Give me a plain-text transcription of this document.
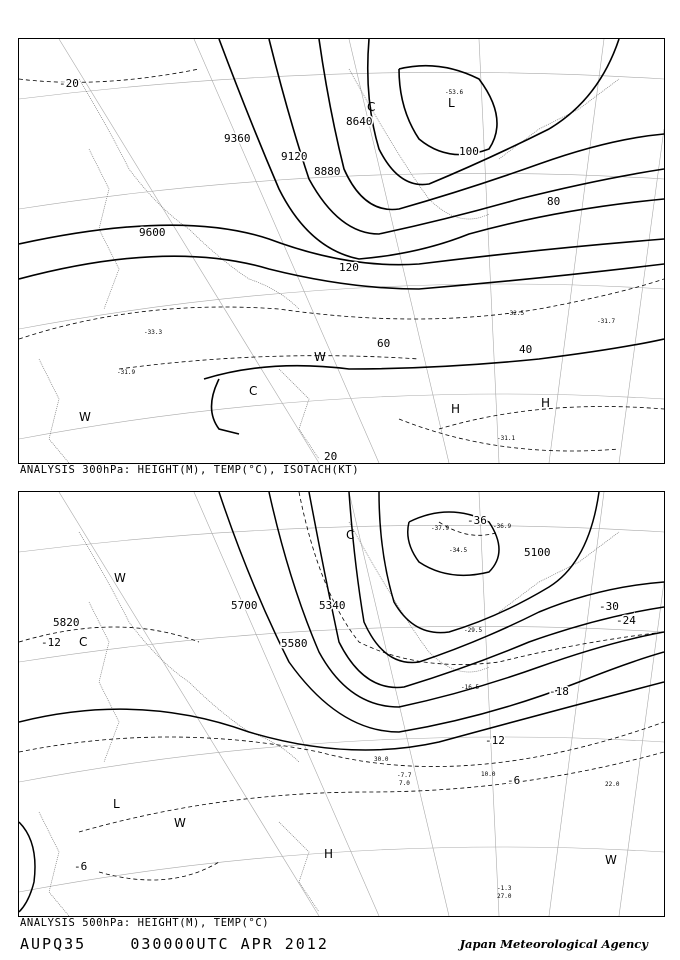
9360
9120
8880
8640
9600
20
40
60
80
100
120
-20
-31.9
-32.5
-31.7
-33.3
-31.1
-53.6
L
C
C
W
W
H	H
ANALYSIS 300hPa: HEIGHT(M), TEMP(°C), ISOTACH(KT)
5100
5340
5580
5700
5820
-36
-30
-24
-18
-12
-12
-6
-6
-37.9	-36.9
-34.5
-29.5
-16.5
-7.7
-1.3
27.0
22.0
10.0
7.0
30.0
L
C
C
W
W
W
H
ANALYSIS 500hPa: HEIGHT(M), TEMP(°C)
AUPQ35	030000UTC APR 2012	Japan Meteorological Agency
